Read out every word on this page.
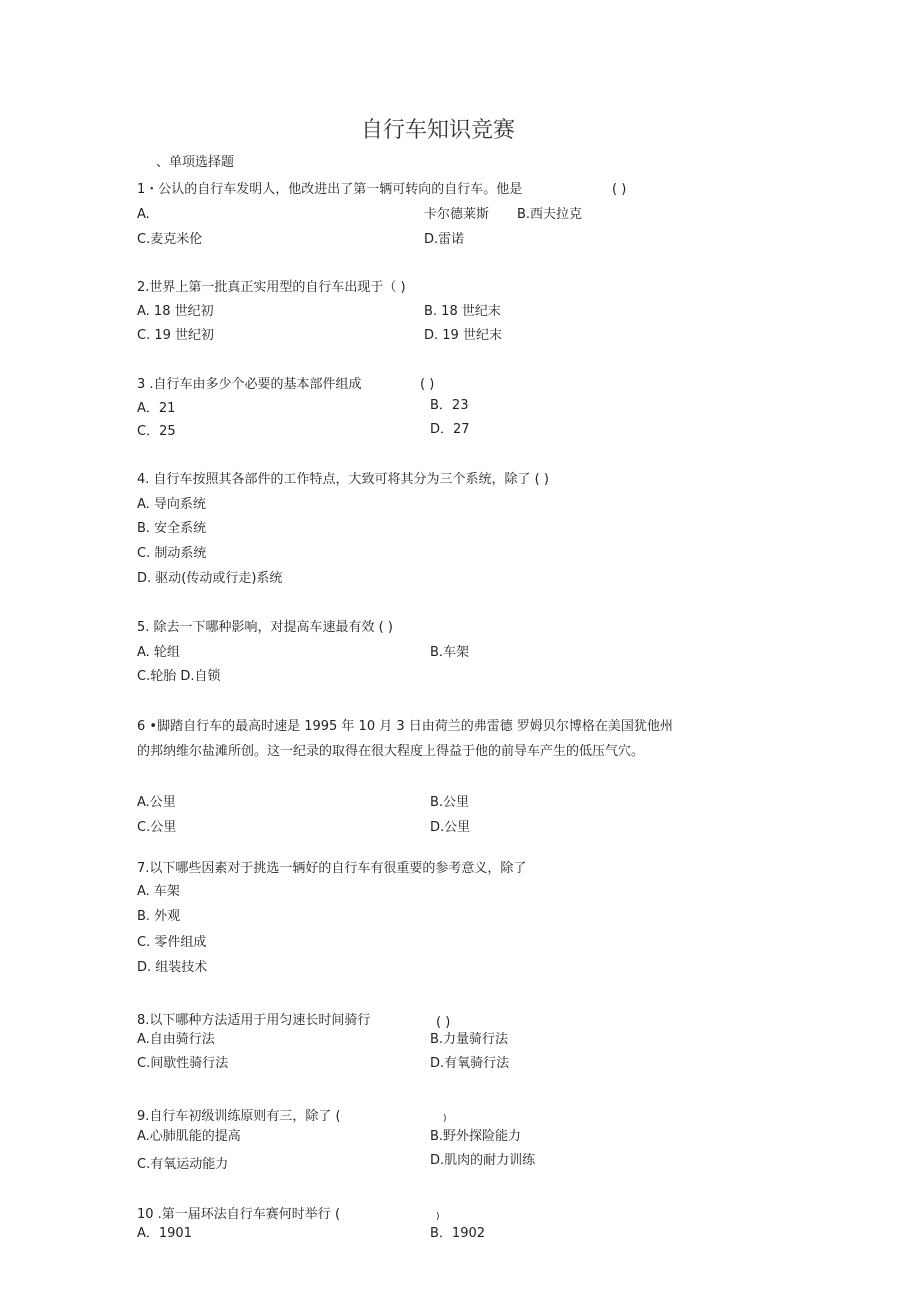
自行车知识竞赛
、单项选择题
1・公认的自行车发明人，他改进出了第一辆可转向的自行车。他是	( )
A.	卡尔德莱斯 B.西夫拉克
C.麦克米伦	D.雷诺
2.世界上第一批真正实用型的自行车出现于（ )
A. 18 世纪初	B. 18 世纪末
C. 19 世纪初	D. 19 世纪末
3 .自行车由多少个必要的基本部件组成	( )
A．21	B．23
C．25	D．27
4. 自行车按照其各部件的工作特点，大致可将其分为三个系统，除了 ( )
A. 导向系统
B. 安全系统
C. 制动系统
D. 驱动(传动或行走)系统
5. 除去一下哪种影响，对提高车速最有效 ( )
A. 轮组	B.车架
C.轮胎 D.自锁
6 •脚踏自行车的最高时速是 1995 年 10 月 3 日由荷兰的弗雷德 罗姆贝尔博格在美国犹他州
的邦纳维尔盐滩所创。这一纪录的取得在很大程度上得益于他的前导车产生的低压气穴。
A.公里	B.公里
C.公里	D.公里
7.以下哪些因素对于挑选一辆好的自行车有很重要的参考意义，除了
A. 车架
B. 外观
C. 零件组成
D. 组装技术
8.以下哪种方法适用于用匀速长时间骑行	( )
A.自由骑行法	B.力量骑行法
C.间歇性骑行法	D.有氧骑行法
9.自行车初级训练原则有三，除了 (	)
A.心肺肌能的提高	B.野外探险能力
C.有氧运动能力	D.肌肉的耐力训练
10 .第一届环法自行车赛何时举行 (	)
A．1901	B．1902
